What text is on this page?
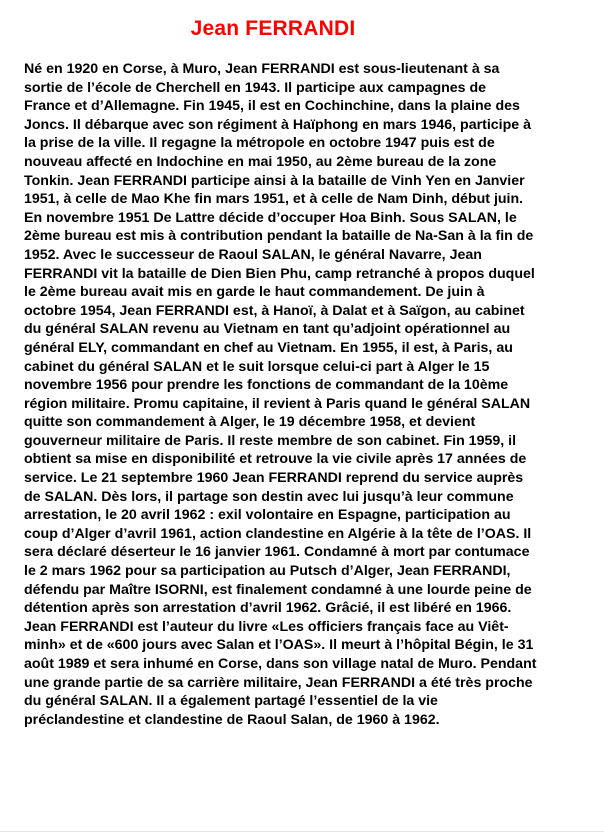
Jean FERRANDI
Né en 1920 en Corse, à Muro, Jean FERRANDI est sous-lieutenant à sa
sortie de l’école de Cherchell en 1943. Il participe aux campagnes de
France et d’Allemagne. Fin 1945, il est en Cochinchine, dans la plaine des
Joncs. Il débarque avec son régiment à Haïphong en mars 1946, participe à
la prise de la ville. Il regagne la métropole en octobre 1947 puis est de
nouveau affecté en Indochine en mai 1950, au 2ème bureau de la zone
Tonkin. Jean FERRANDI participe ainsi à la bataille de Vinh Yen en Janvier
1951, à celle de Mao Khe fin mars 1951, et à celle de Nam Dinh, début juin.
En novembre 1951 De Lattre décide d’occuper Hoa Binh. Sous SALAN, le
2ème bureau est mis à contribution pendant la bataille de Na-San à la fin de
1952. Avec le successeur de Raoul SALAN, le général Navarre, Jean
FERRANDI vit la bataille de Dien Bien Phu, camp retranché à propos duquel
le 2ème bureau avait mis en garde le haut commandement. De juin à
octobre 1954, Jean FERRANDI est, à Hanoï, à Dalat et à Saïgon, au cabinet
du général SALAN revenu au Vietnam en tant qu’adjoint opérationnel au
général ELY, commandant en chef au Vietnam. En 1955, il est, à Paris, au
cabinet du général SALAN et le suit lorsque celui-ci part à Alger le 15
novembre 1956 pour prendre les fonctions de commandant de la 10ème
région militaire. Promu capitaine, il revient à Paris quand le général SALAN
quitte son commandement à Alger, le 19 décembre 1958, et devient
gouverneur militaire de Paris. Il reste membre de son cabinet. Fin 1959, il
obtient sa mise en disponibilité et retrouve la vie civile après 17 années de
service. Le 21 septembre 1960 Jean FERRANDI reprend du service auprès
de SALAN. Dès lors, il partage son destin avec lui jusqu’à leur commune
arrestation, le 20 avril 1962 : exil volontaire en Espagne, participation au
coup d’Alger d’avril 1961, action clandestine en Algérie à la tête de l’OAS. Il
sera déclaré déserteur le 16 janvier 1961. Condamné à mort par contumace
le 2 mars 1962 pour sa participation au Putsch d’Alger, Jean FERRANDI,
défendu par Maître ISORNI, est finalement condamné à une lourde peine de
détention après son arrestation d’avril 1962. Grâcié, il est libéré en 1966.
Jean FERRANDI est l’auteur du livre «Les officiers français face au Viêt-
minh» et de «600 jours avec Salan et l’OAS». Il meurt à l’hôpital Bégin, le 31
août 1989 et sera inhumé en Corse, dans son village natal de Muro. Pendant
une grande partie de sa carrière militaire, Jean FERRANDI a été très proche
du général SALAN. Il a également partagé l’essentiel de la vie
préclandestine et clandestine de Raoul Salan, de 1960 à 1962.
